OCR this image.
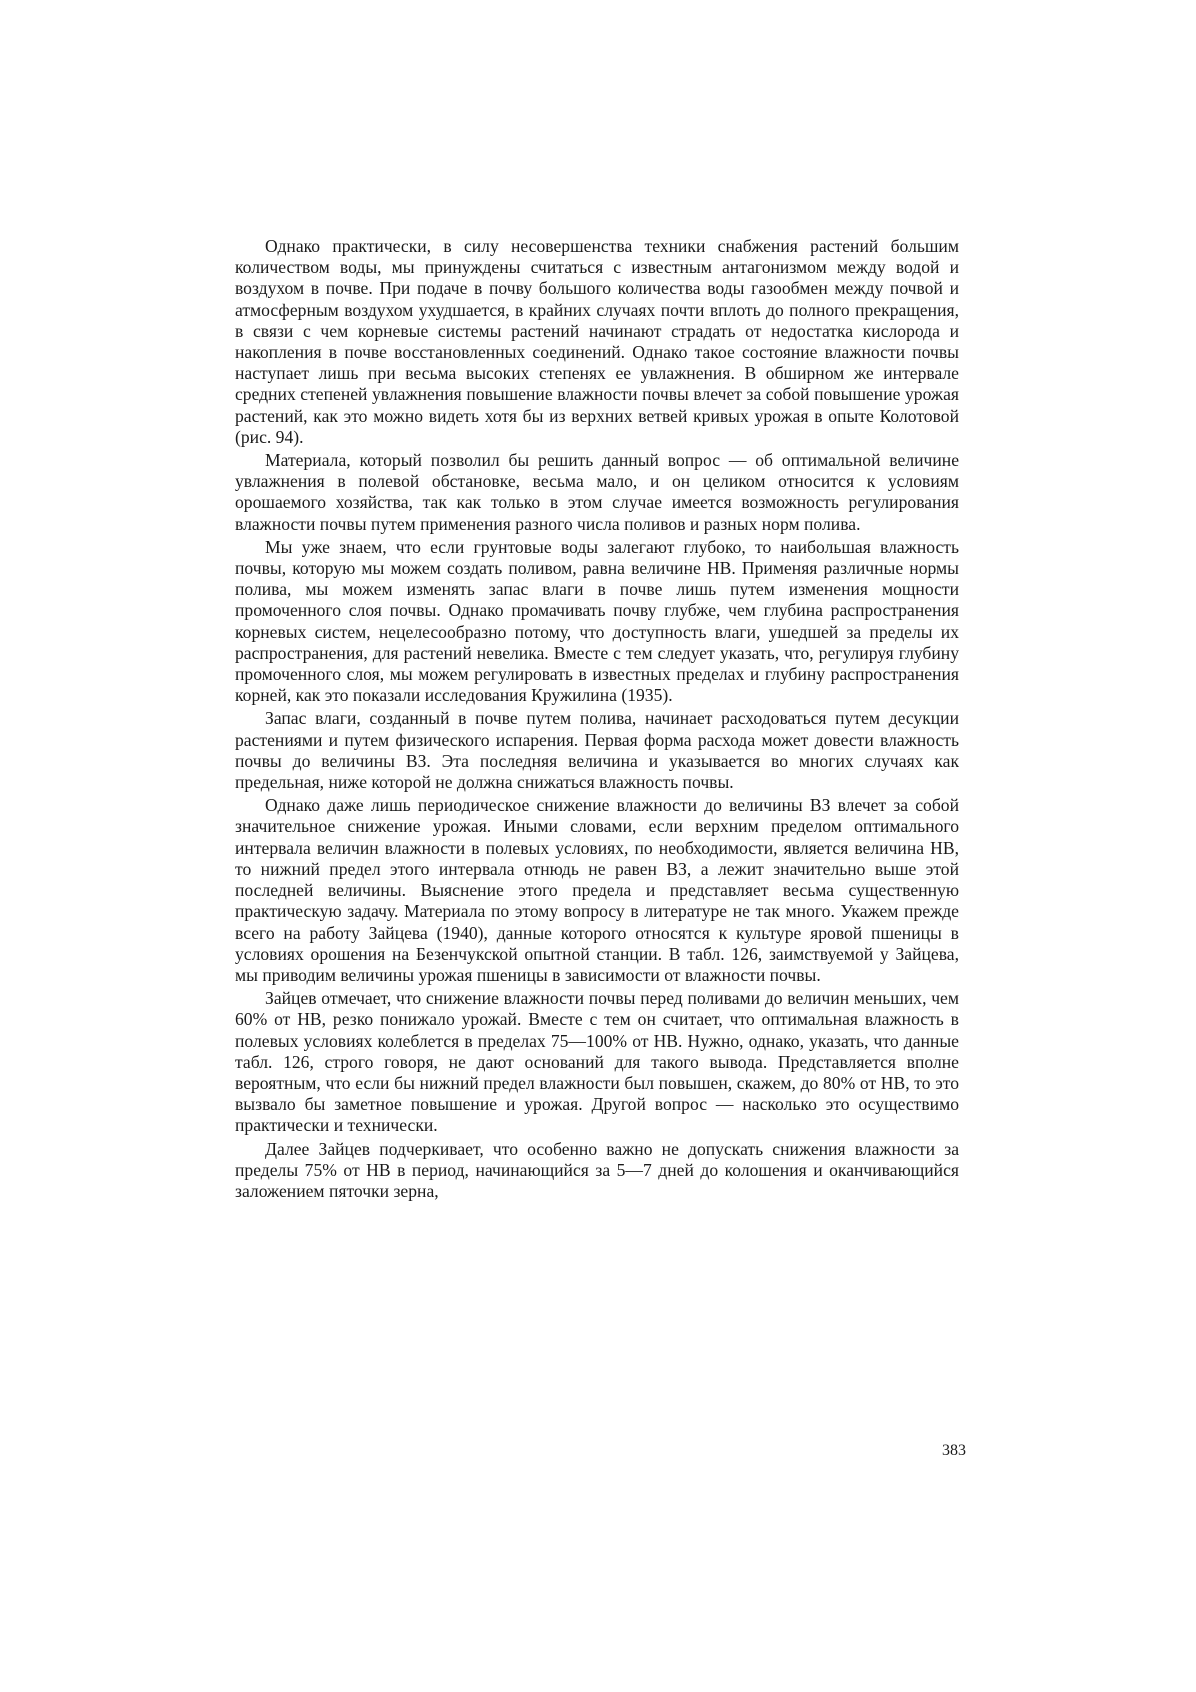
Однако практически, в силу несовершенства техники снабжения растений большим количеством воды, мы принуждены считаться с известным антагонизмом между водой и воздухом в почве. При подаче в почву большого количества воды газообмен между почвой и атмосферным воздухом ухудшается, в крайних случаях почти вплоть до полного прекращения, в связи с чем корневые системы растений начинают страдать от недостатка кислорода и накопления в почве восстановленных соединений. Однако такое состояние влажности почвы наступает лишь при весьма высоких степенях ее увлажнения. В обширном же интервале средних степеней увлажнения повышение влажности почвы влечет за собой повышение урожая растений, как это можно видеть хотя бы из верхних ветвей кривых урожая в опыте Колотовой (рис. 94).

Материала, который позволил бы решить данный вопрос — об оптимальной величине увлажнения в полевой обстановке, весьма мало, и он целиком относится к условиям орошаемого хозяйства, так как только в этом случае имеется возможность регулирования влажности почвы путем применения разного числа поливов и разных норм полива.

Мы уже знаем, что если грунтовые воды залегают глубоко, то наибольшая влажность почвы, которую мы можем создать поливом, равна величине НВ. Применяя различные нормы полива, мы можем изменять запас влаги в почве лишь путем изменения мощности промоченного слоя почвы. Однако промачивать почву глубже, чем глубина распространения корневых систем, нецелесообразно потому, что доступность влаги, ушедшей за пределы их распространения, для растений невелика. Вместе с тем следует указать, что, регулируя глубину промоченного слоя, мы можем регулировать в известных пределах и глубину распространения корней, как это показали исследования Кружилина (1935).

Запас влаги, созданный в почве путем полива, начинает расходоваться путем десукции растениями и путем физического испарения. Первая форма расхода может довести влажность почвы до величины ВЗ. Эта последняя величина и указывается во многих случаях как предельная, ниже которой не должна снижаться влажность почвы.

Однако даже лишь периодическое снижение влажности до величины ВЗ влечет за собой значительное снижение урожая. Иными словами, если верхним пределом оптимального интервала величин влажности в полевых условиях, по необходимости, является величина НВ, то нижний предел этого интервала отнюдь не равен ВЗ, а лежит значительно выше этой последней величины. Выяснение этого предела и представляет весьма существенную практическую задачу. Материала по этому вопросу в литературе не так много. Укажем прежде всего на работу Зайцева (1940), данные которого относятся к культуре яровой пшеницы в условиях орошения на Безенчукской опытной станции. В табл. 126, заимствуемой у Зайцева, мы приводим величины урожая пшеницы в зависимости от влажности почвы.

Зайцев отмечает, что снижение влажности почвы перед поливами до величин меньших, чем 60% от НВ, резко понижало урожай. Вместе с тем он считает, что оптимальная влажность в полевых условиях колеблется в пределах 75—100% от НВ. Нужно, однако, указать, что данные табл. 126, строго говоря, не дают оснований для такого вывода. Представляется вполне вероятным, что если бы нижний предел влажности был повышен, скажем, до 80% от НВ, то это вызвало бы заметное повышение и урожая. Другой вопрос — насколько это осуществимо практически и технически.

Далее Зайцев подчеркивает, что особенно важно не допускать снижения влажности за пределы 75% от НВ в период, начинающийся за 5—7 дней до колошения и оканчивающийся заложением пяточки зерна,

383
